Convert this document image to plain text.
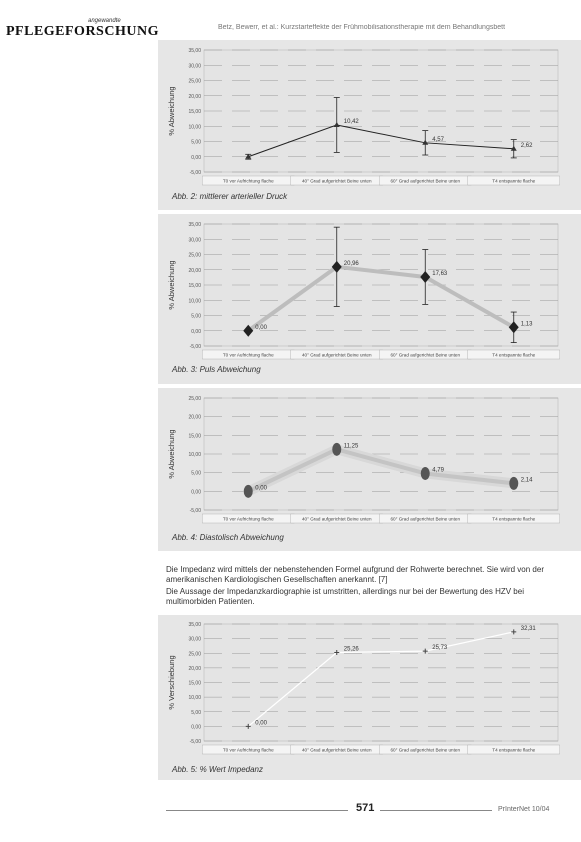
angewandte
PFLEGEFORSCHUNG	Betz, Bewerr, et al.: Kurzstarteffekte der Frühmobilisationstherapie mit dem Behandlungsbett
-5,00
0,00
5,00
10,00
15,00
20,00
25,00
30,00
35,00
% Abweichung
T0 vor Aufrichtung flache	40° Grad aufgerichtet Beine unten	60° Grad aufgerichtet Beine unten	T4 entspannte flache
10,42
4,57
2,62
Abb. 2: mittlerer arterieller Druck
-5,00
0,00
5,00
10,00
15,00
20,00
25,00
30,00
35,00
% Abweichung
T0 vor Aufrichtung flache	40° Grad aufgerichtet Beine unten	60° Grad aufgerichtet Beine unten	T4 entspannte flache
0,00
20,96
17,63
1,13
Abb. 3: Puls Abweichung
-5,00
0,00
5,00
10,00
15,00
20,00
25,00
% Abweichung
T0 vor Aufrichtung flache	40° Grad aufgerichtet Beine unten	60° Grad aufgerichtet Beine unten	T4 entspannte flache
0,00
11,25
4,79
2,14
Abb. 4: Diastolisch Abweichung
Die Impedanz wird mittels der nebenstehenden Formel aufgrund der Rohwerte berechnet. Sie wird von der amerikanischen Kardiologischen Gesellschaften anerkannt. [7]
Die Aussage der Impedanzkardiographie ist umstritten, allerdings nur bei der Bewertung des HZV bei multimorbiden Patienten.
-5,00
0,00
5,00
10,00
15,00
20,00
25,00
30,00
35,00
% Verschiebung
T0 vor Aufrichtung flache	40° Grad aufgerichtet Beine unten	60° Grad aufgerichtet Beine unten	T4 entspannte flache
0,00
25,26	25,73
32,31
Abb. 5: % Wert Impedanz
571	PrInterNet 10/04
